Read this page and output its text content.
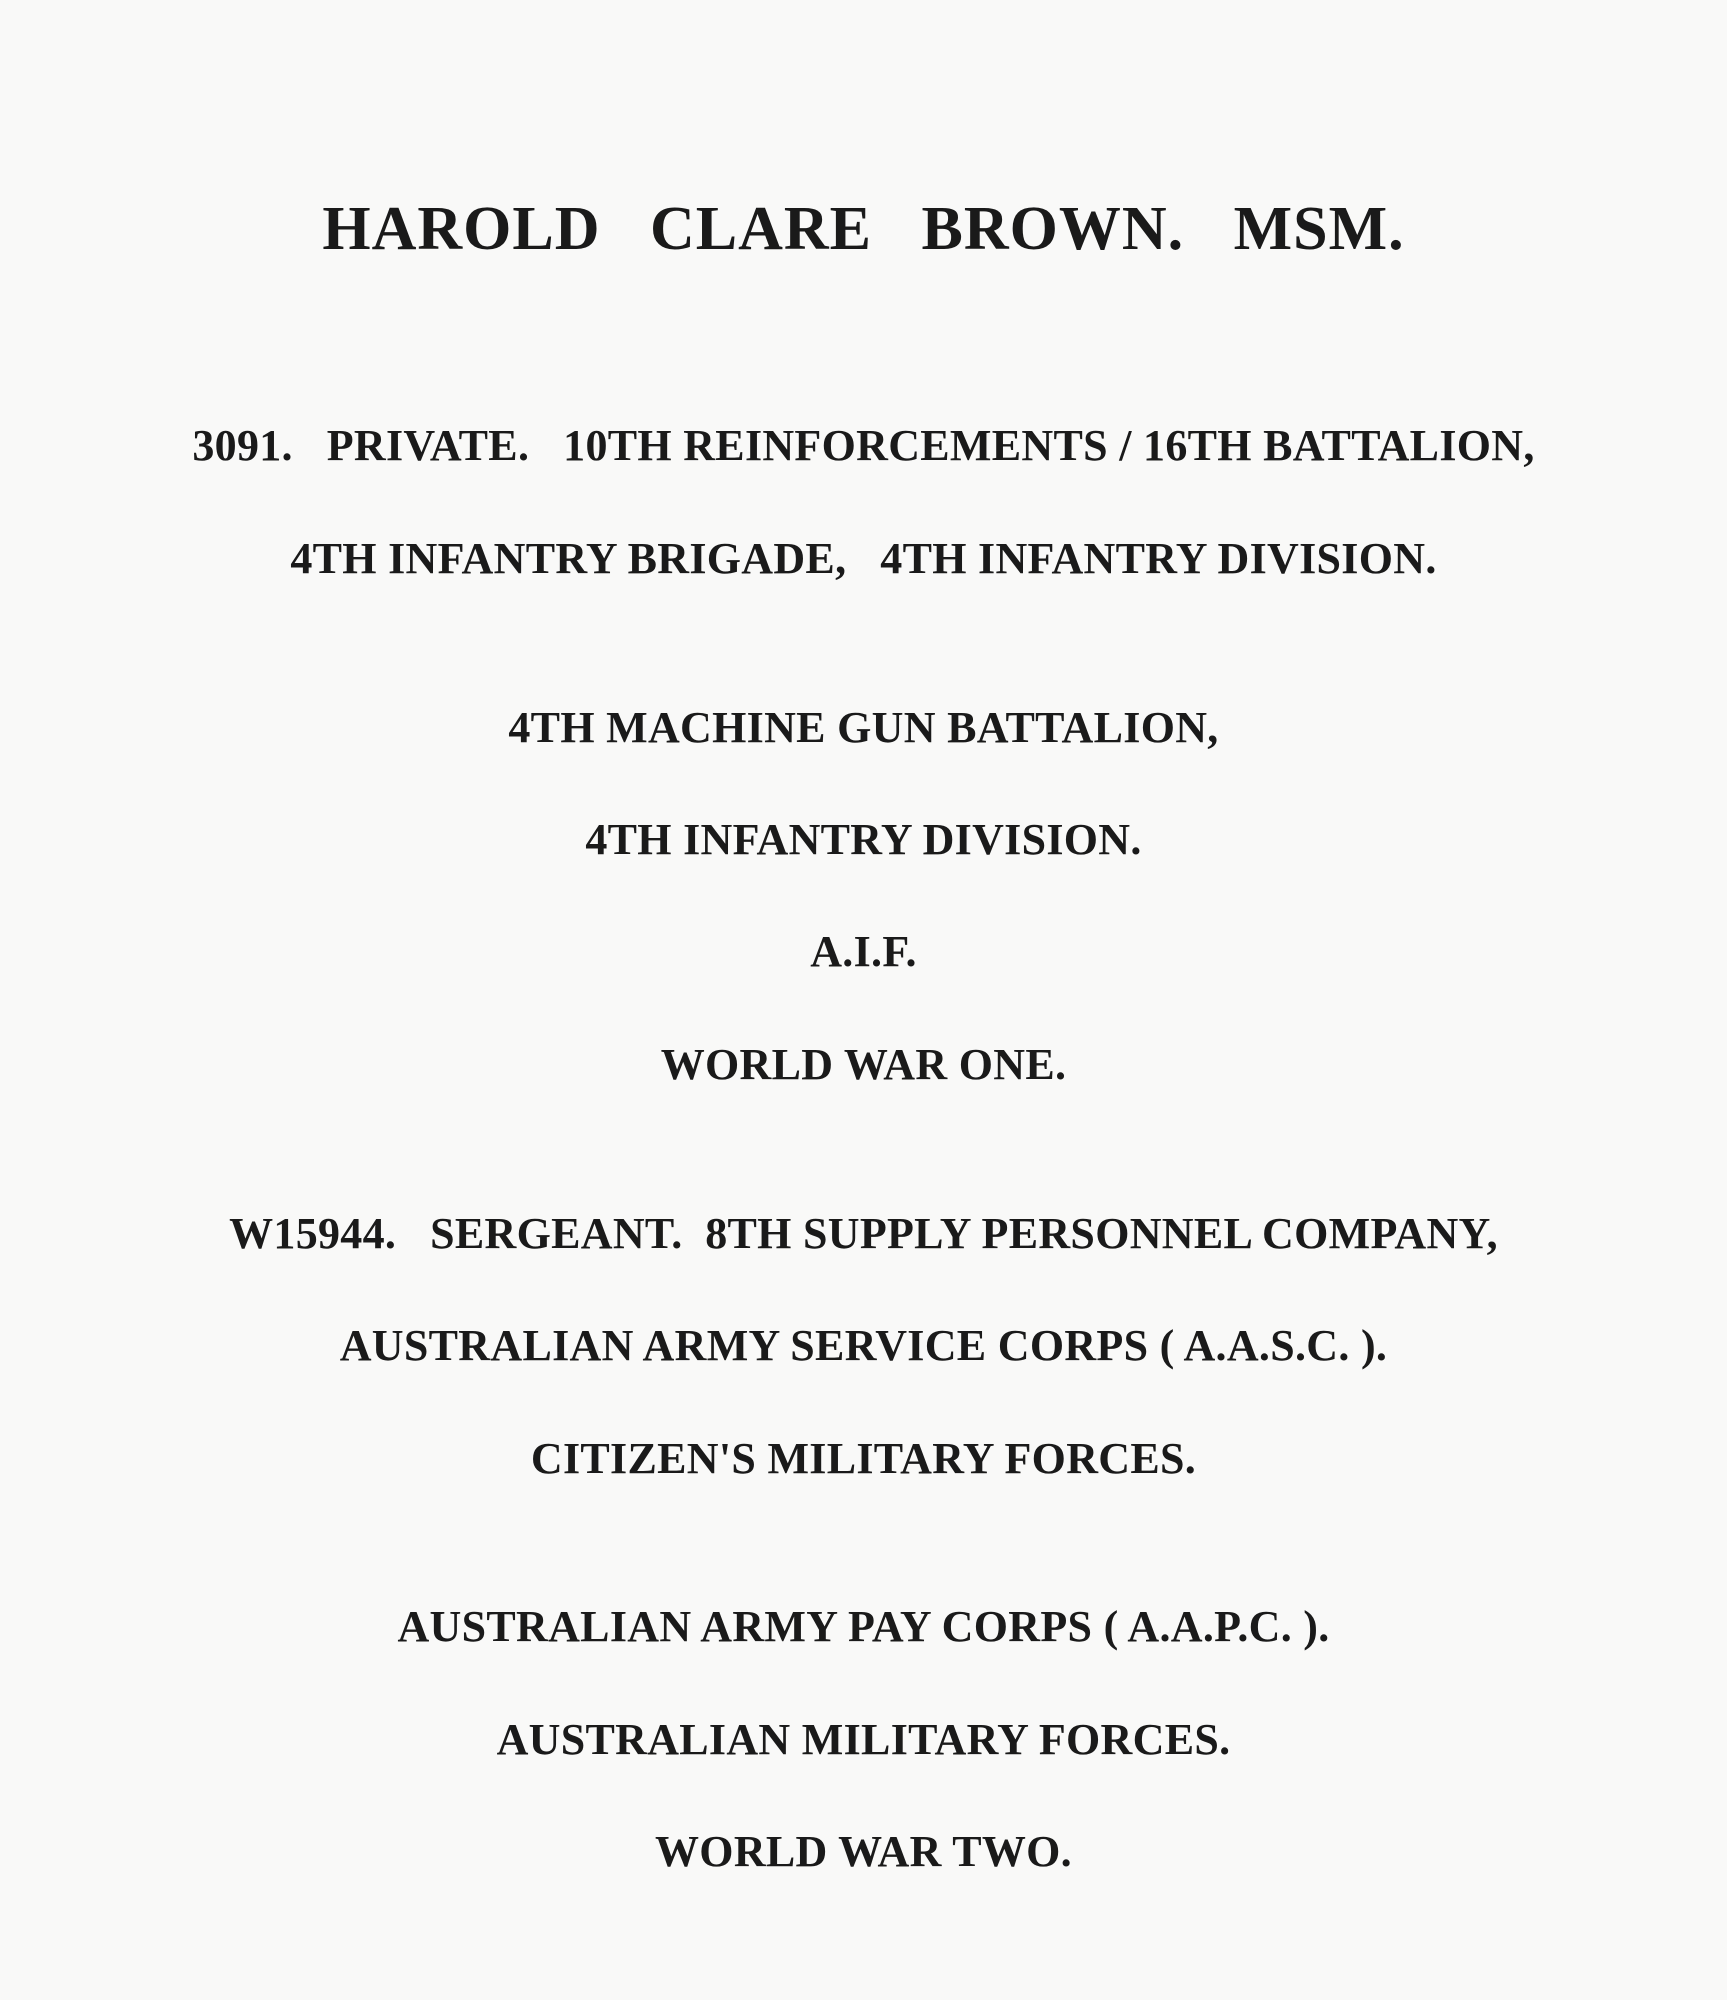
HAROLD   CLARE   BROWN.   MSM.
3091.   PRIVATE.   10TH REINFORCEMENTS / 16TH BATTALION,
4TH INFANTRY BRIGADE,   4TH INFANTRY DIVISION.
4TH MACHINE GUN BATTALION,
4TH INFANTRY DIVISION.
A.I.F.
WORLD WAR ONE.
W15944.   SERGEANT.  8TH SUPPLY PERSONNEL COMPANY,
AUSTRALIAN ARMY SERVICE CORPS ( A.A.S.C. ).
CITIZEN'S MILITARY FORCES.
AUSTRALIAN ARMY PAY CORPS ( A.A.P.C. ).
AUSTRALIAN MILITARY FORCES.
WORLD WAR TWO.
